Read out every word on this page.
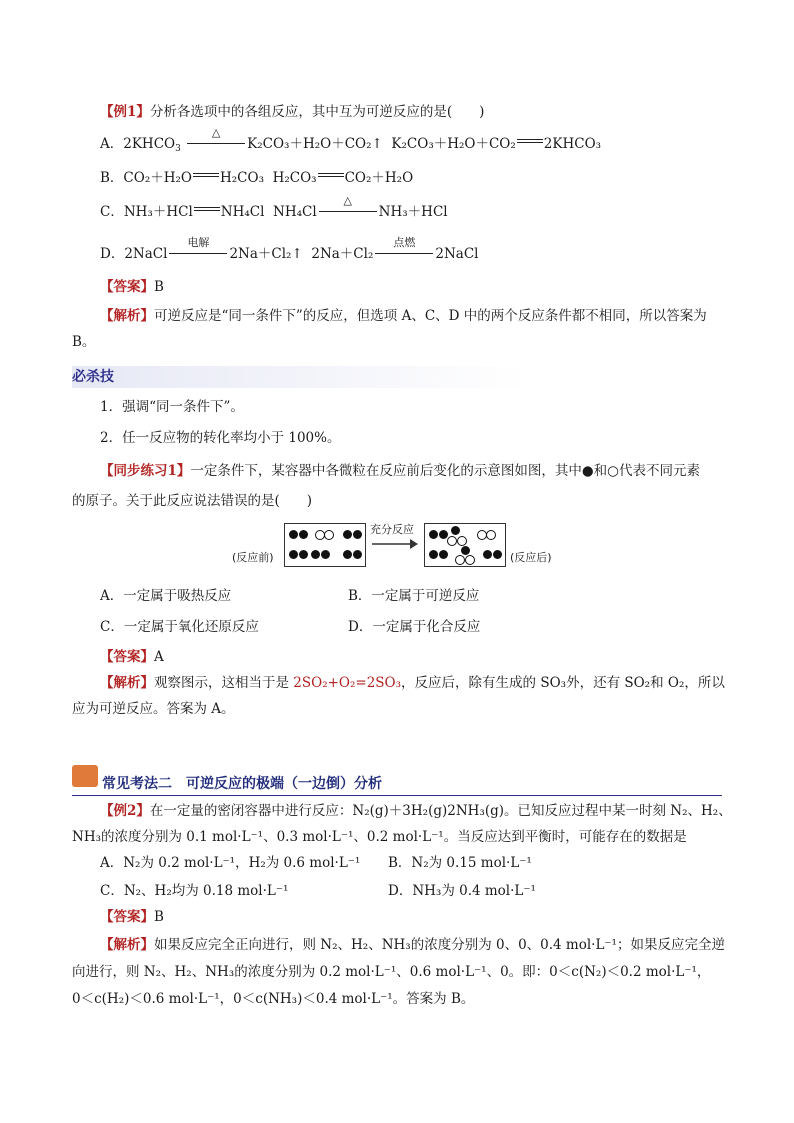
【例1】分析各选项中的各组反应，其中互为可逆反应的是(　　)
A．$2KHCO_3$
△
K₂CO₃＋H₂O＋CO₂↑ K₂CO₃＋H₂O＋CO₂ 2KHCO₃
B．CO₂＋H₂O H₂CO₃ H₂CO₃ CO₂＋H₂O
C．NH₃＋HCl NH₄Cl NH₄Cl
△
NH₃＋HCl
D．2NaCl
电解
2Na＋Cl₂↑ 2Na＋Cl₂
点燃
2NaCl
【答案】B
【解析】可逆反应是“同一条件下”的反应，但选项 A、C、D 中的两个反应条件都不相同，所以答案为
B。
必杀技
1．强调“同一条件下”。
2．任一反应物的转化率均小于 100%。
【同步练习1】一定条件下，某容器中各微粒在反应前后变化的示意图如图，其中●和○代表不同元素
的原子。关于此反应说法错误的是(　　)
(反应前)
充分反应
(反应后)
A．一定属于吸热反应	B．一定属于可逆反应
C．一定属于氧化还原反应	D．一定属于化合反应
【答案】A
【解析】观察图示，这相当于是 2SO₂+O₂=2SO₃，反应后，除有生成的 SO₃外，还有 SO₂和 O₂，所以
应为可逆反应。答案为 A。
常见考法二　可逆反应的极端（一边倒）分析
【例2】在一定量的密闭容器中进行反应：N₂(g)＋3H₂(g)2NH₃(g)。已知反应过程中某一时刻 N₂、H₂、
NH₃的浓度分别为 0.1 mol·L⁻¹、0.3 mol·L⁻¹、0.2 mol·L⁻¹。当反应达到平衡时，可能存在的数据是
A．N₂为 0.2 mol·L⁻¹，H₂为 0.6 mol·L⁻¹	B．N₂为 0.15 mol·L⁻¹
C．N₂、H₂均为 0.18 mol·L⁻¹	D．NH₃为 0.4 mol·L⁻¹
【答案】B
【解析】如果反应完全正向进行，则 N₂、H₂、NH₃的浓度分别为 0、0、0.4 mol·L⁻¹；如果反应完全逆
向进行，则 N₂、H₂、NH₃的浓度分别为 0.2 mol·L⁻¹、0.6 mol·L⁻¹、0。即：0＜c(N₂)＜0.2 mol·L⁻¹，
0＜c(H₂)＜0.6 mol·L⁻¹，0＜c(NH₃)＜0.4 mol·L⁻¹。答案为 B。
